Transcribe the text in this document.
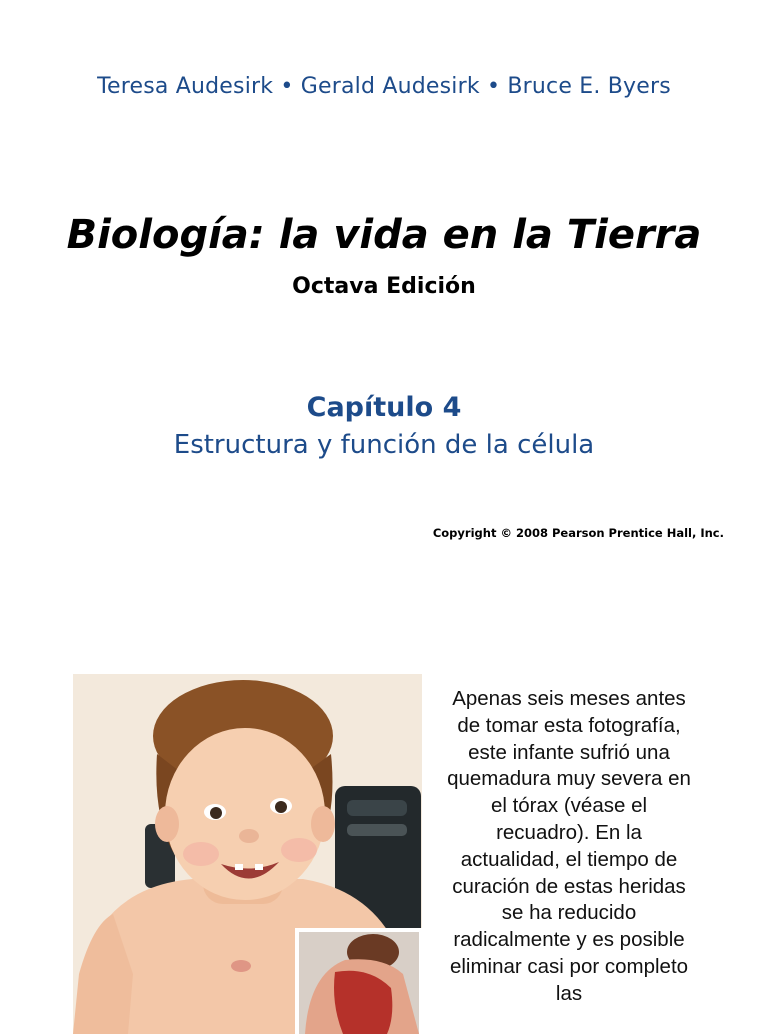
Teresa Audesirk • Gerald Audesirk • Bruce E. Byers
Biología: la vida en la Tierra
Octava Edición
Capítulo 4
Estructura y función de la célula
Copyright © 2008 Pearson Prentice Hall, Inc.
Apenas seis meses antes de tomar esta fotografía, este infante sufrió una quemadura muy severa en el tórax (véase el recuadro). En la actualidad, el tiempo de curación de estas heridas se ha reducido radicalmente y es posible eliminar casi por completo las
